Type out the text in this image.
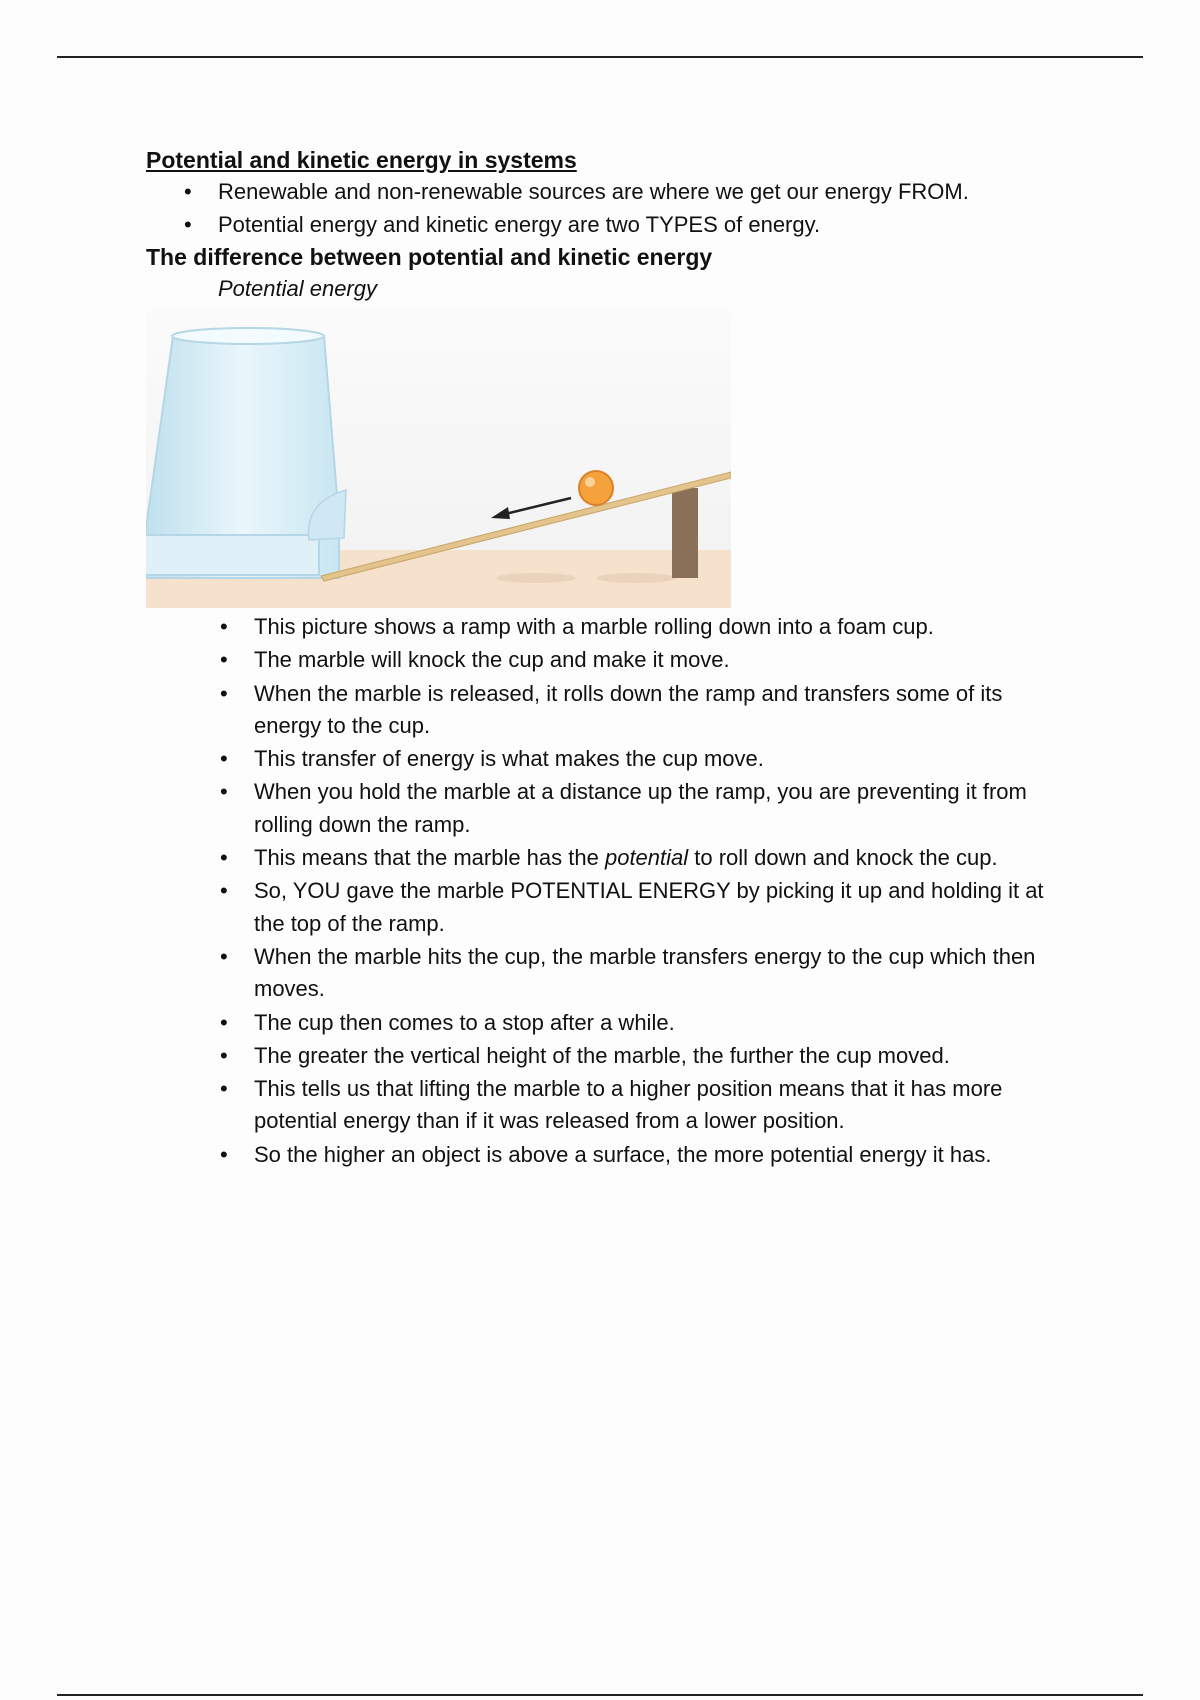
Potential and kinetic energy in systems

• Renewable and non-renewable sources are where we get our energy FROM.
• Potential energy and kinetic energy are two TYPES of energy.

The difference between potential and kinetic energy

Potential energy

• This picture shows a ramp with a marble rolling down into a foam cup.
• The marble will knock the cup and make it move.
• When the marble is released, it rolls down the ramp and transfers some of its energy to the cup.
• This transfer of energy is what makes the cup move.
• When you hold the marble at a distance up the ramp, you are preventing it from rolling down the ramp.
• This means that the marble has the potential to roll down and knock the cup.
• So, YOU gave the marble POTENTIAL ENERGY by picking it up and holding it at the top of the ramp.
• When the marble hits the cup, the marble transfers energy to the cup which then moves.
• The cup then comes to a stop after a while.
• The greater the vertical height of the marble, the further the cup moved.
• This tells us that lifting the marble to a higher position means that it has more potential energy than if it was released from a lower position.
• So the higher an object is above a surface, the more potential energy it has.
